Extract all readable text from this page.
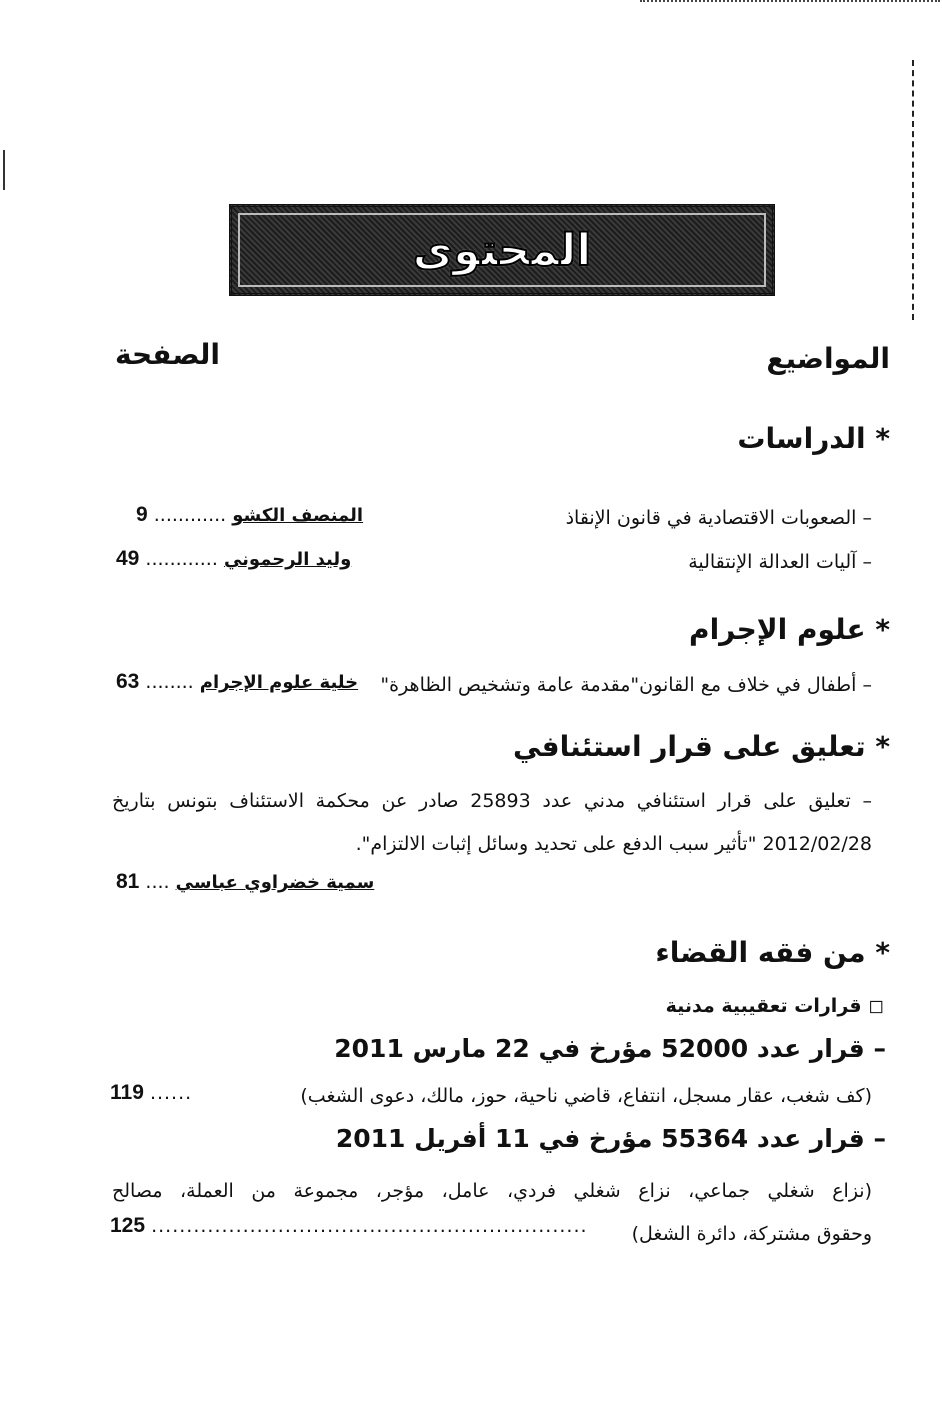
المحتوى
المواضيع
الصفحة
* الدراسات
– الصعوبات الاقتصادية في قانون الإنقاذ
المنصف الكشو ............ 9
– آليات العدالة الإنتقالية
وليد الرحموني ............ 49
* علوم الإجرام
– أطفال في خلاف مع القانون"مقدمة عامة وتشخيص الظاهرة"
خلية علوم الإجرام ........ 63
* تعليق على قرار استئنافي
– تعليق على قرار استئنافي مدني عدد 25893 صادر عن محكمة الاستئناف بتونس بتاريخ
2012/02/28 "تأثير سبب الدفع على تحديد وسائل إثبات الالتزام".
سمية خضراوي عباسي .... 81
* من فقه القضاء
◻ قرارات تعقيبية مدنية
– قرار عدد 52000 مؤرخ في 22 مارس 2011
(كف شغب، عقار مسجل، انتفاع، قاضي ناحية، حوز، مالك، دعوى الشغب)
...... 119
– قرار عدد 55364 مؤرخ في 11 أفريل 2011
(نزاع شغلي جماعي، نزاع شغلي فردي، عامل، مؤجر، مجموعة من العملة، مصالح
وحقوق مشتركة، دائرة الشغل)
.............................................................. 125
